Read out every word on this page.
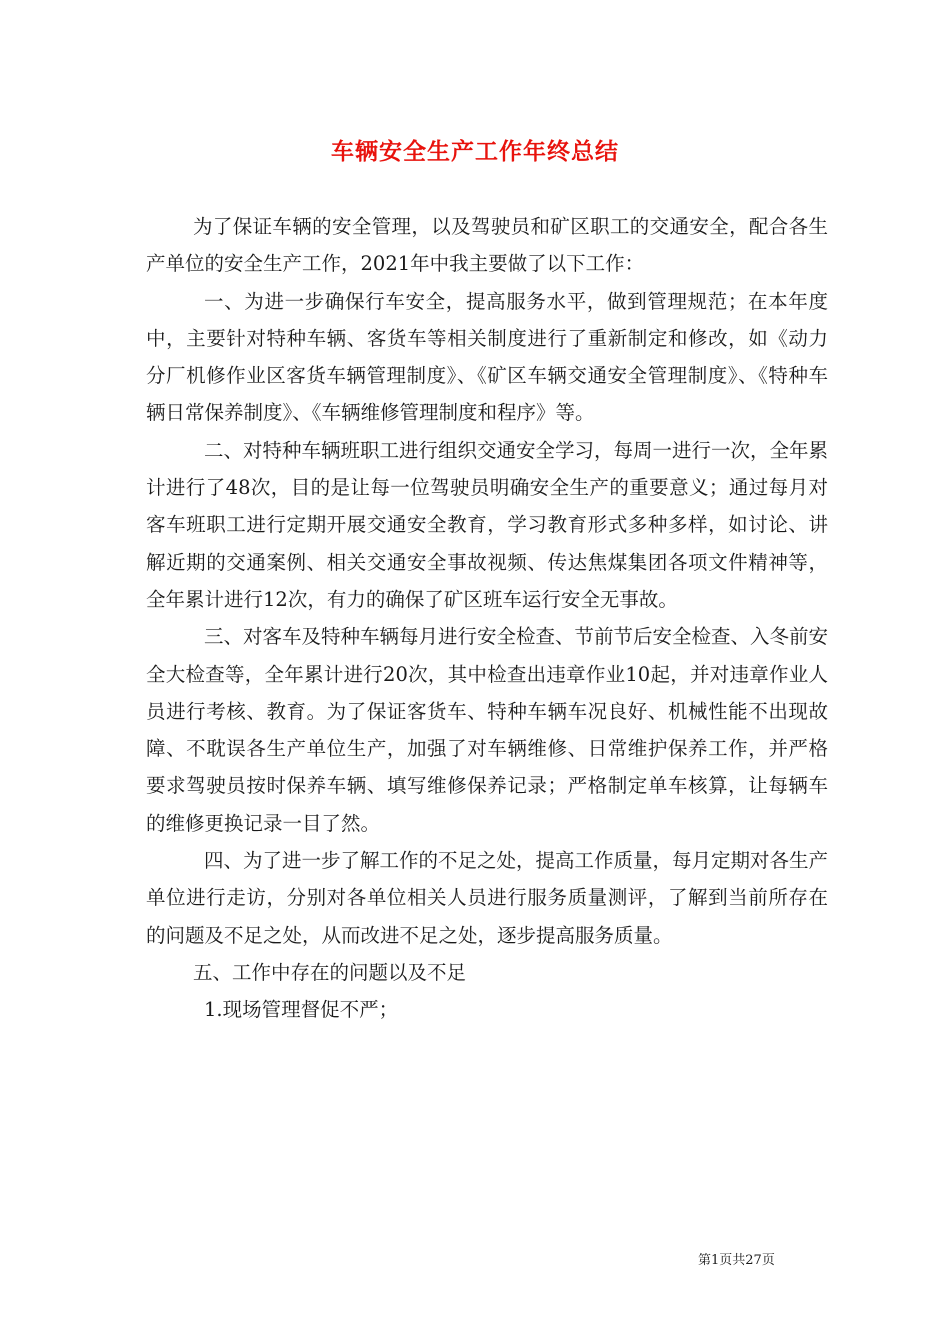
车辆安全生产工作年终总结

为了保证车辆的安全管理，以及驾驶员和矿区职工的交通安全，配合各生产单位的安全生产工作，2021年中我主要做了以下工作：

一、为进一步确保行车安全，提高服务水平，做到管理规范；在本年度中，主要针对特种车辆、客货车等相关制度进行了重新制定和修改，如《动力分厂机修作业区客货车辆管理制度》、《矿区车辆交通安全管理制度》、《特种车辆日常保养制度》、《车辆维修管理制度和程序》等。

二、对特种车辆班职工进行组织交通安全学习，每周一进行一次，全年累计进行了48次，目的是让每一位驾驶员明确安全生产的重要意义；通过每月对客车班职工进行定期开展交通安全教育，学习教育形式多种多样，如讨论、讲解近期的交通案例、相关交通安全事故视频、传达焦煤集团各项文件精神等，全年累计进行12次，有力的确保了矿区班车运行安全无事故。

三、对客车及特种车辆每月进行安全检查、节前节后安全检查、入冬前安全大检查等，全年累计进行20次，其中检查出违章作业10起，并对违章作业人员进行考核、教育。为了保证客货车、特种车辆车况良好、机械性能不出现故障、不耽误各生产单位生产，加强了对车辆维修、日常维护保养工作，并严格要求驾驶员按时保养车辆、填写维修保养记录；严格制定单车核算，让每辆车的维修更换记录一目了然。

四、为了进一步了解工作的不足之处，提高工作质量，每月定期对各生产单位进行走访，分别对各单位相关人员进行服务质量测评，了解到当前所存在的问题及不足之处，从而改进不足之处，逐步提高服务质量。

五、工作中存在的问题以及不足

1.现场管理督促不严；

第1页共27页
